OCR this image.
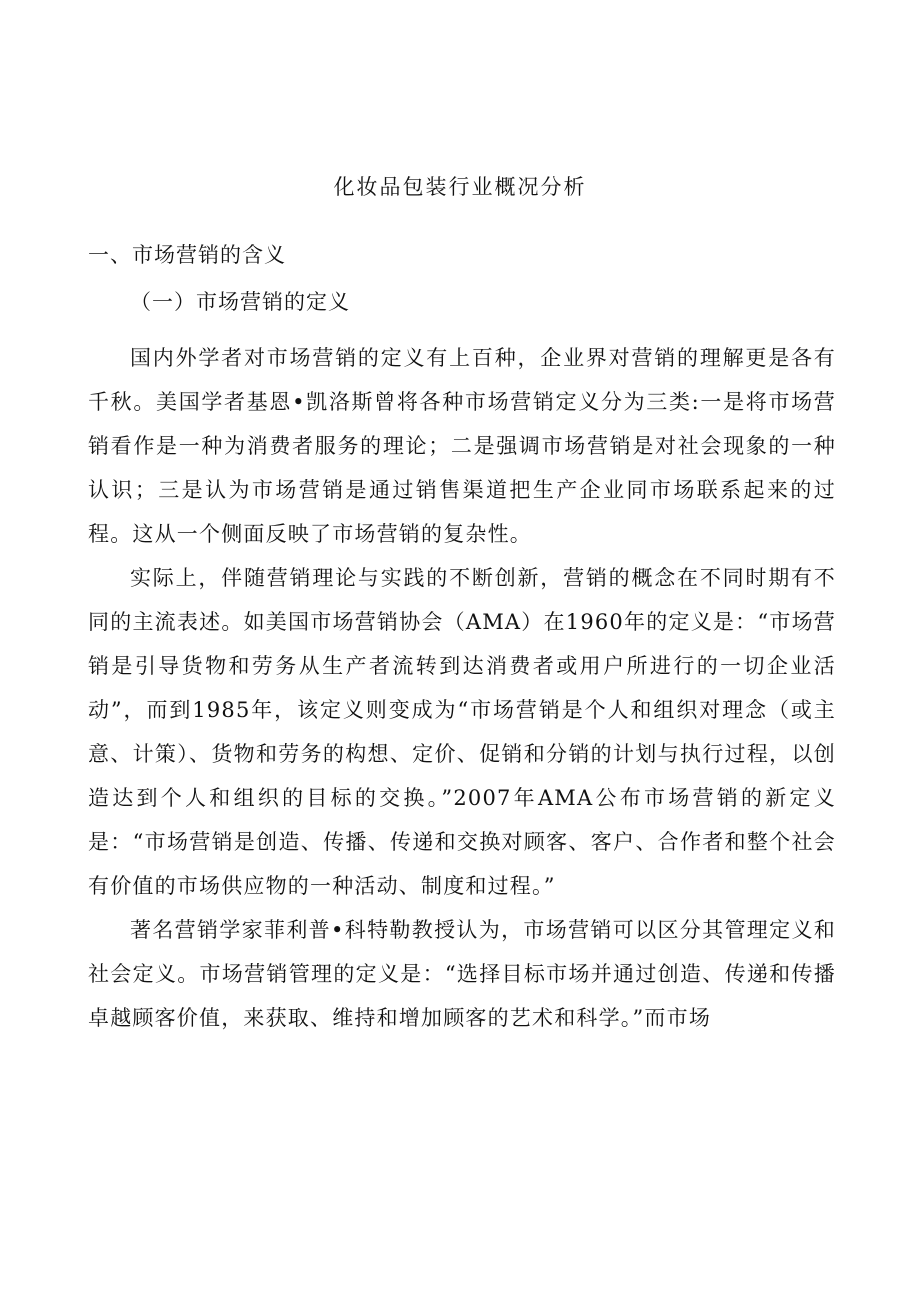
化妆品包装行业概况分析
一、市场营销的含义
（一）市场营销的定义

国内外学者对市场营销的定义有上百种，企业界对营销的理解更是各有千秋。美国学者基恩•凯洛斯曾将各种市场营销定义分为三类:一是将市场营销看作是一种为消费者服务的理论；二是强调市场营销是对社会现象的一种认识；三是认为市场营销是通过销售渠道把生产企业同市场联系起来的过程。这从一个侧面反映了市场营销的复杂性。

实际上，伴随营销理论与实践的不断创新，营销的概念在不同时期有不同的主流表述。如美国市场营销协会（AMA）在1960年的定义是：“市场营销是引导货物和劳务从生产者流转到达消费者或用户所进行的一切企业活动”，而到1985年，该定义则变成为“市场营销是个人和组织对理念（或主意、计策）、货物和劳务的构想、定价、促销和分销的计划与执行过程，以创造达到个人和组织的目标的交换。”2007年AMA公布市场营销的新定义是：“市场营销是创造、传播、传递和交换对顾客、客户、合作者和整个社会有价值的市场供应物的一种活动、制度和过程。”

著名营销学家菲利普•科特勒教授认为，市场营销可以区分其管理定义和社会定义。市场营销管理的定义是：“选择目标市场并通过创造、传递和传播卓越顾客价值，来获取、维持和增加顾客的艺术和科学。”而市场
